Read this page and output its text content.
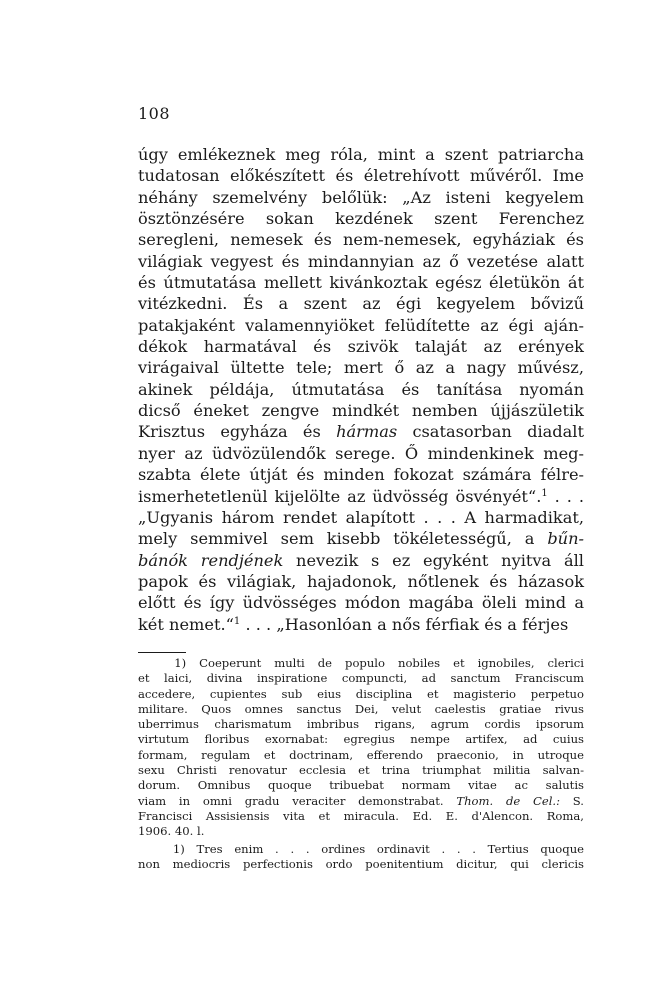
108
úgy emlékeznek meg róla, mint a szent patriarcha
tudatosan előkészített és életrehívott művéről. Ime
néhány szemelvény belőlük: „Az isteni kegyelem
ösztönzésére sokan kezdének szent Ferenchez
seregleni, nemesek és nem-nemesek, egyháziak és
világiak vegyest és mindannyian az ő vezetése alatt
és útmutatása mellett kivánkoztak egész életükön át
vitézkedni. És a szent az égi kegyelem bővizű
patakjaként valamennyiöket felüdítette az égi aján-
dékok harmatával és szivök talaját az erények
virágaival ültette tele; mert ő az a nagy művész,
akinek példája, útmutatása és tanítása nyomán
dicső éneket zengve mindkét nemben újjászületik
Krisztus egyháza és hármas csatasorban diadalt
nyer az üdvözülendők serege. Ő mindenkinek meg-
szabta élete útját és minden fokozat számára félre-
ismerhetetlenül kijelölte az üdvösség ösvényét“.$^1$ . . .
„Ugyanis három rendet alapított . . . A harmadikat,
mely semmivel sem kisebb tökéletességű, a bűn-
bánók rendjének nevezik s ez egyként nyitva áll
papok és világiak, hajadonok, nőtlenek és házasok
előtt és így üdvösséges módon magába öleli mind a
két nemet.“$^1$ . . . „Hasonlóan a nős férfiak és a férjes
   1) Coeperunt multi de populo nobiles et ignobiles, clerici
et laici, divina inspiratione compuncti, ad sanctum Franciscum
accedere, cupientes sub eius disciplina et magisterio perpetuo
militare. Quos omnes sanctus Dei, velut caelestis gratiae rivus
uberrimus charismatum imbribus rigans, agrum cordis ipsorum
virtutum floribus exornabat: egregius nempe artifex, ad cuius
formam, regulam et doctrinam, efferendo praeconio, in utroque
sexu Christi renovatur ecclesia et trina triumphat militia salvan-
dorum. Omnibus quoque tribuebat normam vitae ac salutis
viam in omni gradu veraciter demonstrabat. Thom. de Cel.: S.
Francisci Assisiensis vita et miracula. Ed. E. d'Alencon. Roma,
1906. 40. l.
   1) Tres enim . . . ordines ordinavit . . . Tertius quoque
non mediocris perfectionis ordo poenitentium dicitur, qui clericis
